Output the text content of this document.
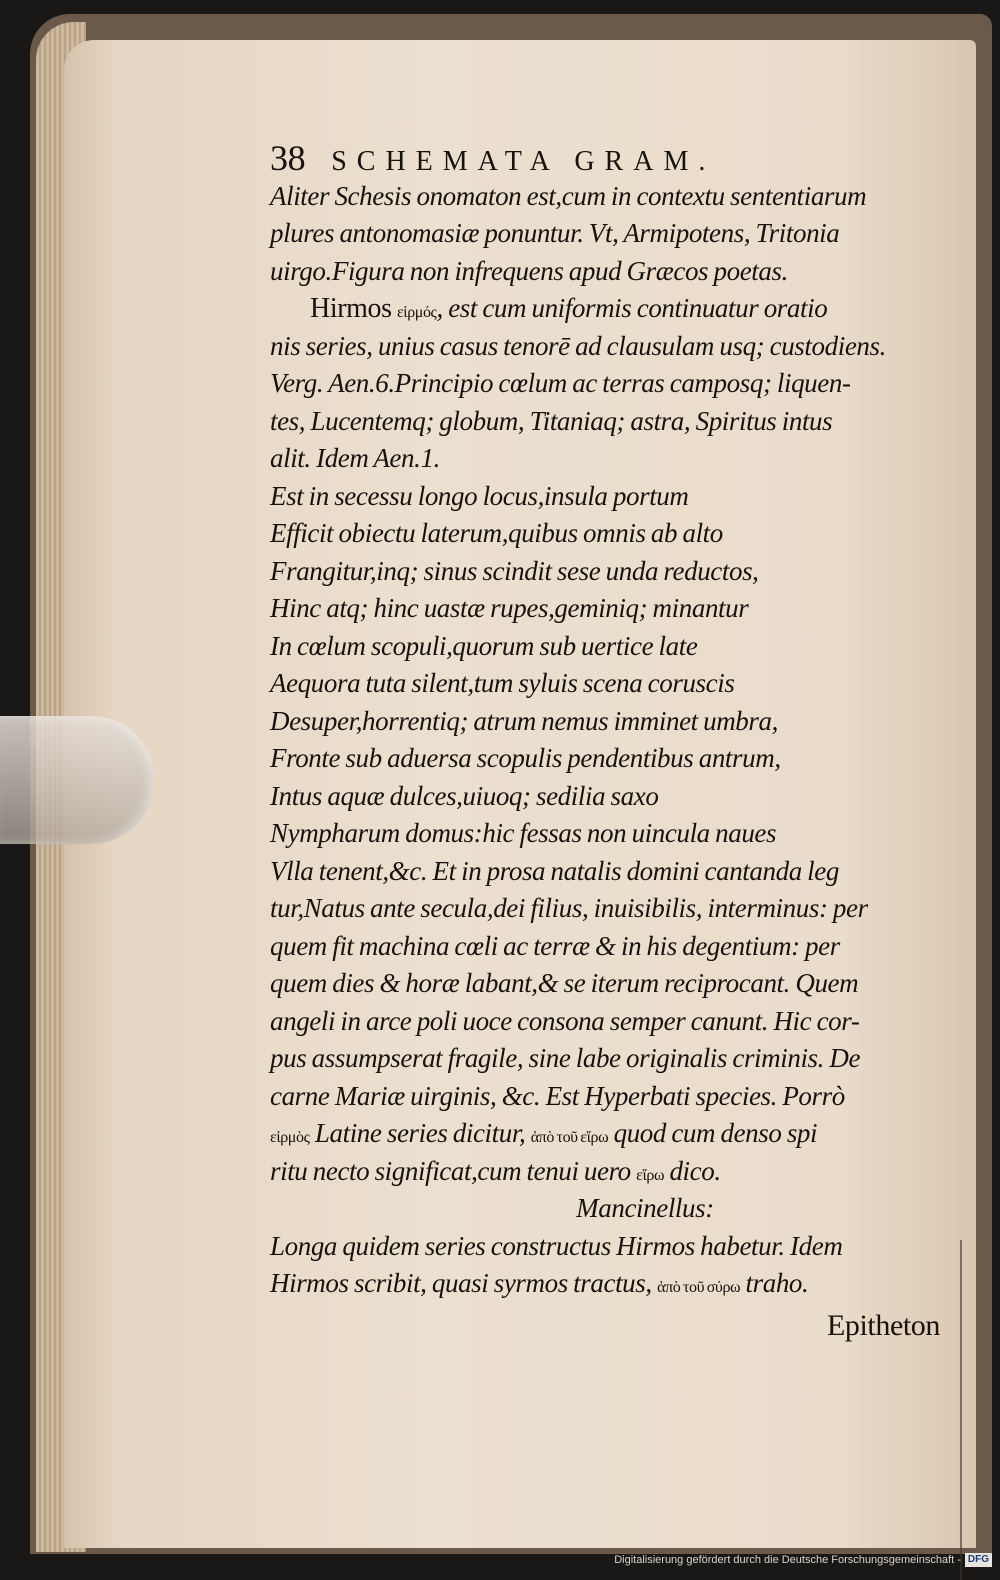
38 SCHEMATA GRAM.
Aliter Schesis onomaton est,cum in contextu sententiarum
plures antonomasiæ ponuntur. Vt, Armipotens, Tritonia
uirgo.Figura non infrequens apud Græcos poetas.
Hirmos εἱρμός, est cum uniformis continuatur oratio
nis series, unius casus tenorē ad clausulam usq; custodiens.
Verg. Aen.6.Principio cœlum ac terras camposq; liquen-
tes, Lucentemq; globum, Titaniaq; astra, Spiritus intus
alit. Idem Aen.1.
Est in secessu longo locus,insula portum
Efficit obiectu laterum,quibus omnis ab alto
Frangitur,inq; sinus scindit sese unda reductos,
Hinc atq; hinc uastæ rupes,geminiq; minantur
In cœlum scopuli,quorum sub uertice late
Aequora tuta silent,tum syluis scena coruscis
Desuper,horrentiq; atrum nemus imminet umbra,
Fronte sub aduersa scopulis pendentibus antrum,
Intus aquæ dulces,uiuoq; sedilia saxo
Nympharum domus:hic fessas non uincula naues
Vlla tenent,&c. Et in prosa natalis domini cantanda leg
tur,Natus ante secula,dei filius, inuisibilis, interminus: per
quem fit machina cœli ac terræ & in his degentium: per
quem dies & horæ labant,& se iterum reciprocant. Quem
angeli in arce poli uoce consona semper canunt. Hic cor-
pus assumpserat fragile, sine labe originalis criminis. De
carne Mariæ uirginis, &c. Est Hyperbati species. Porrò
εἱρμὸς Latine series dicitur, ἀπὸ τοῦ εἴρω quod cum denso spi
ritu necto significat,cum tenui uero εἴρω dico.
Mancinellus:
Longa quidem series constructus Hirmos habetur. Idem
Hirmos scribit, quasi syrmos tractus, ἀπὸ τοῦ σύρω traho.
Epitheton
Digitalisierung gefördert durch die Deutsche Forschungsgemeinschaft - DFG
